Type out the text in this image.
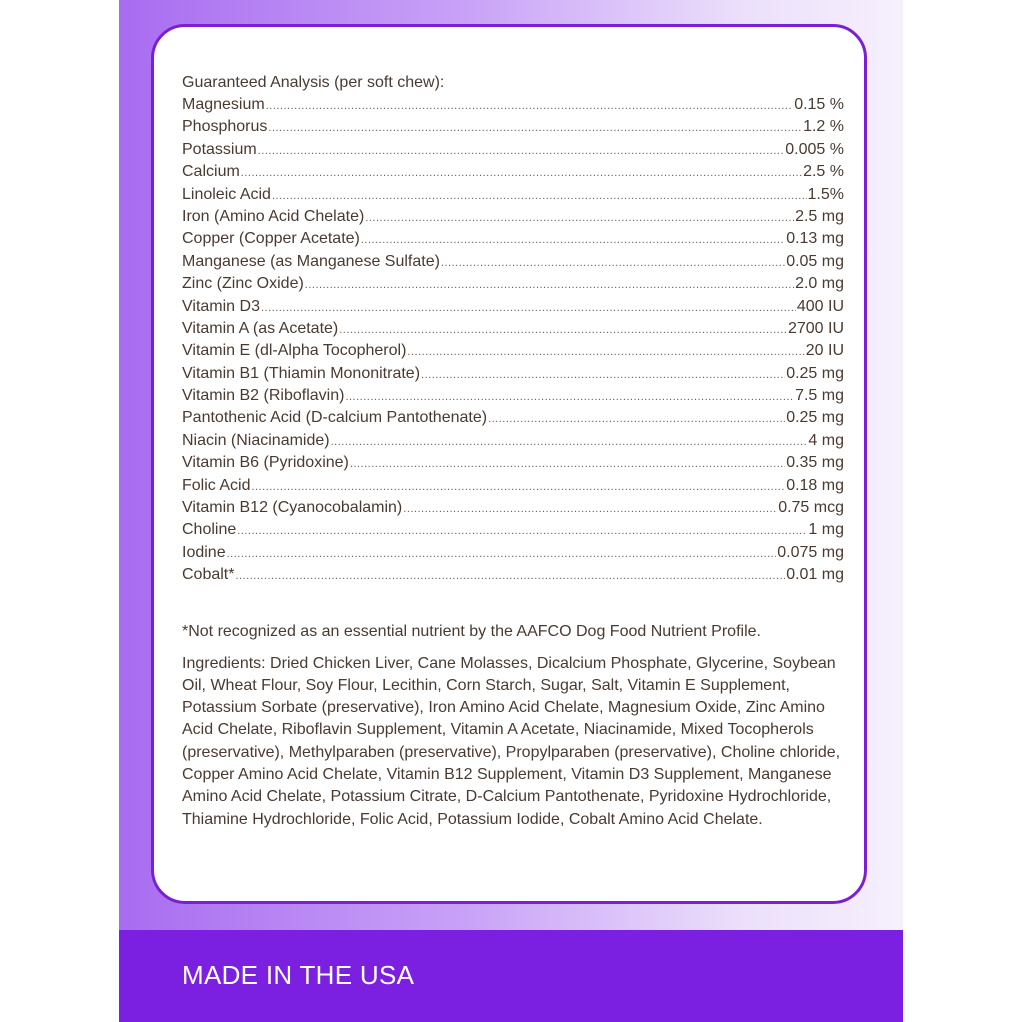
Guaranteed Analysis (per soft chew):
Magnesium .....	0.15 %
Phosphorus .....	1.2 %
Potassium .....	0.005 %
Calcium .....	2.5 %
Linoleic Acid .....	1.5%
Iron (Amino Acid Chelate) .....	2.5 mg
Copper (Copper Acetate) .....	0.13 mg
Manganese (as Manganese Sulfate) .....	0.05 mg
Zinc (Zinc Oxide) .....	2.0 mg
Vitamin D3 .....	400 IU
Vitamin A (as Acetate) .....	2700 IU
Vitamin E (dl-Alpha Tocopherol) .....	20 IU
Vitamin B1 (Thiamin Mononitrate) .....	0.25 mg
Vitamin B2 (Riboflavin) .....	7.5 mg
Pantothenic Acid (D-calcium Pantothenate) .....	0.25 mg
Niacin (Niacinamide) .....	4 mg
Vitamin B6 (Pyridoxine) .....	0.35 mg
Folic Acid .....	0.18 mg
Vitamin B12 (Cyanocobalamin) .....	0.75 mcg
Choline .....	1 mg
Iodine .....	0.075 mg
Cobalt* .....	0.01 mg
*Not recognized as an essential nutrient by the AAFCO Dog Food Nutrient Profile.
Ingredients: Dried Chicken Liver, Cane Molasses, Dicalcium Phosphate, Glycerine, Soybean Oil, Wheat Flour, Soy Flour, Lecithin, Corn Starch, Sugar, Salt, Vitamin E Supplement, Potassium Sorbate (preservative), Iron Amino Acid Chelate, Magnesium Oxide, Zinc Amino Acid Chelate, Riboflavin Supplement, Vitamin A Acetate, Niacinamide, Mixed Tocopherols (preservative), Methylparaben (preservative), Propylparaben (preservative), Choline chloride, Copper Amino Acid Chelate, Vitamin B12 Supplement, Vitamin D3 Supplement, Manganese Amino Acid Chelate, Potassium Citrate, D-Calcium Pantothenate, Pyridoxine Hydrochloride, Thiamine Hydrochloride, Folic Acid, Potassium Iodide, Cobalt Amino Acid Chelate.
MADE IN THE USA
